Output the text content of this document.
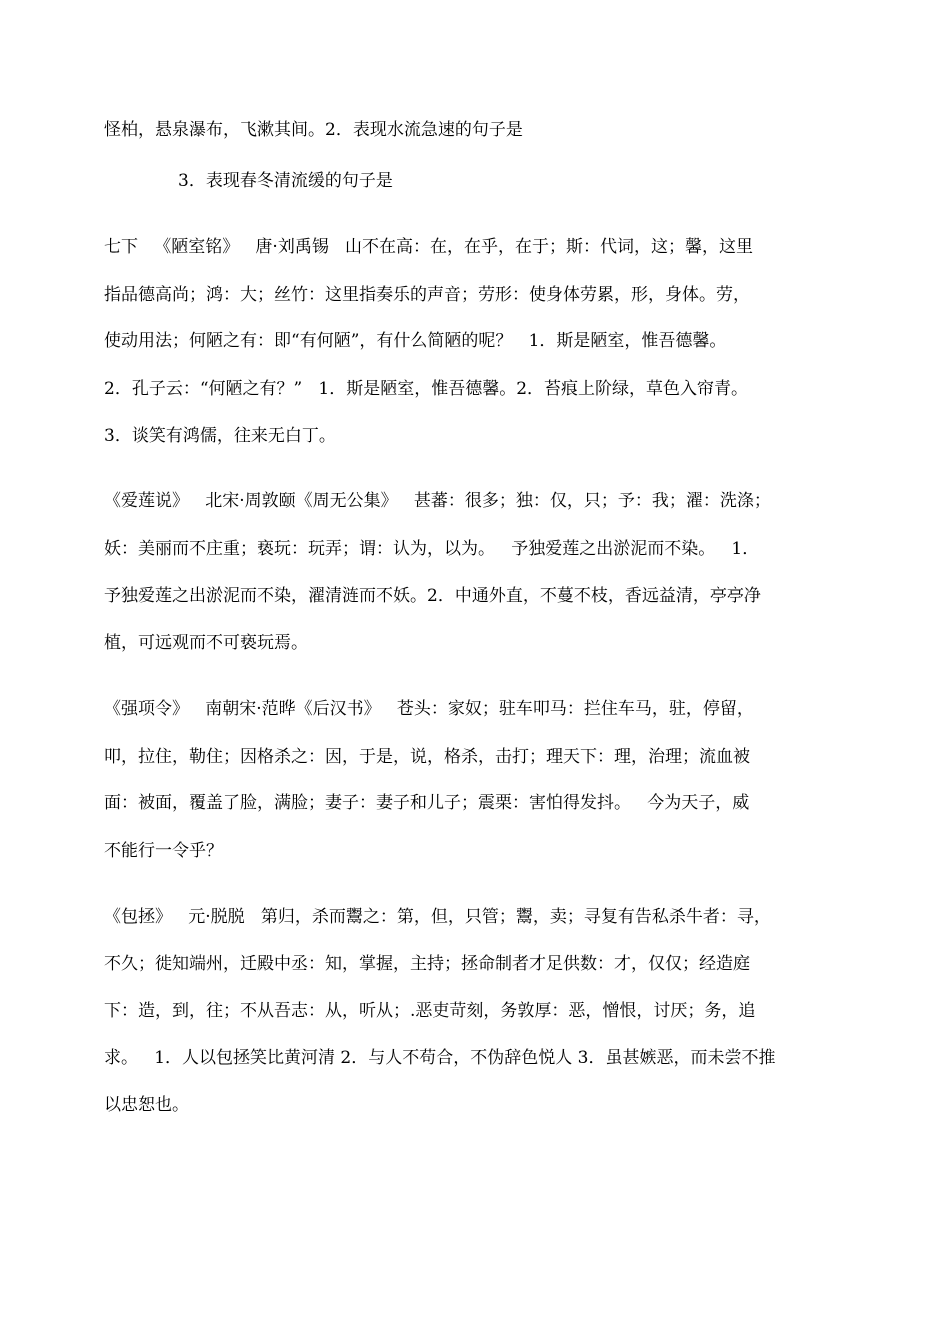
怪柏，悬泉瀑布，飞漱其间。2．表现水流急速的句子是
3．表现春冬清流缓的句子是
七下   《陋室铭》   唐·刘禹锡   山不在高：在，在乎，在于；斯：代词，这；馨，这里
指品德高尚；鸿：大；丝竹：这里指奏乐的声音；劳形：使身体劳累，形，身体。劳，
使动用法；何陋之有：即“有何陋”，有什么简陋的呢？   1．斯是陋室，惟吾德馨。
2．孔子云：“何陋之有？”   1．斯是陋室，惟吾德馨。2．苔痕上阶绿，草色入帘青。
3．谈笑有鸿儒，往来无白丁。
《爱莲说》   北宋·周敦颐《周无公集》   甚蕃：很多；独：仅，只；予：我；濯：洗涤；
妖：美丽而不庄重；亵玩：玩弄；谓：认为，以为。   予独爱莲之出淤泥而不染。   1．
予独爱莲之出淤泥而不染，濯清涟而不妖。2．中通外直，不蔓不枝，香远益清，亭亭净
植，可远观而不可亵玩焉。
《强项令》   南朝宋·范晔《后汉书》   苍头：家奴；驻车叩马：拦住车马，驻，停留，
叩，拉住，勒住；因格杀之：因，于是，说，格杀，击打；理天下：理，治理；流血被
面：被面，覆盖了脸，满脸；妻子：妻子和儿子；震栗：害怕得发抖。   今为天子，威
不能行一令乎？
《包拯》   元·脱脱   第归，杀而鬻之：第，但，只管；鬻，卖；寻复有告私杀牛者：寻，
不久；徙知端州，迁殿中丞：知，掌握，主持；拯命制者才足供数：才，仅仅；经造庭
下：造，到，往；不从吾志：从，听从；.恶吏苛刻，务敦厚：恶，憎恨，讨厌；务，追
求。   1．人以包拯笑比黄河清 2．与人不苟合，不伪辞色悦人 3．虽甚嫉恶，而未尝不推
以忠恕也。
